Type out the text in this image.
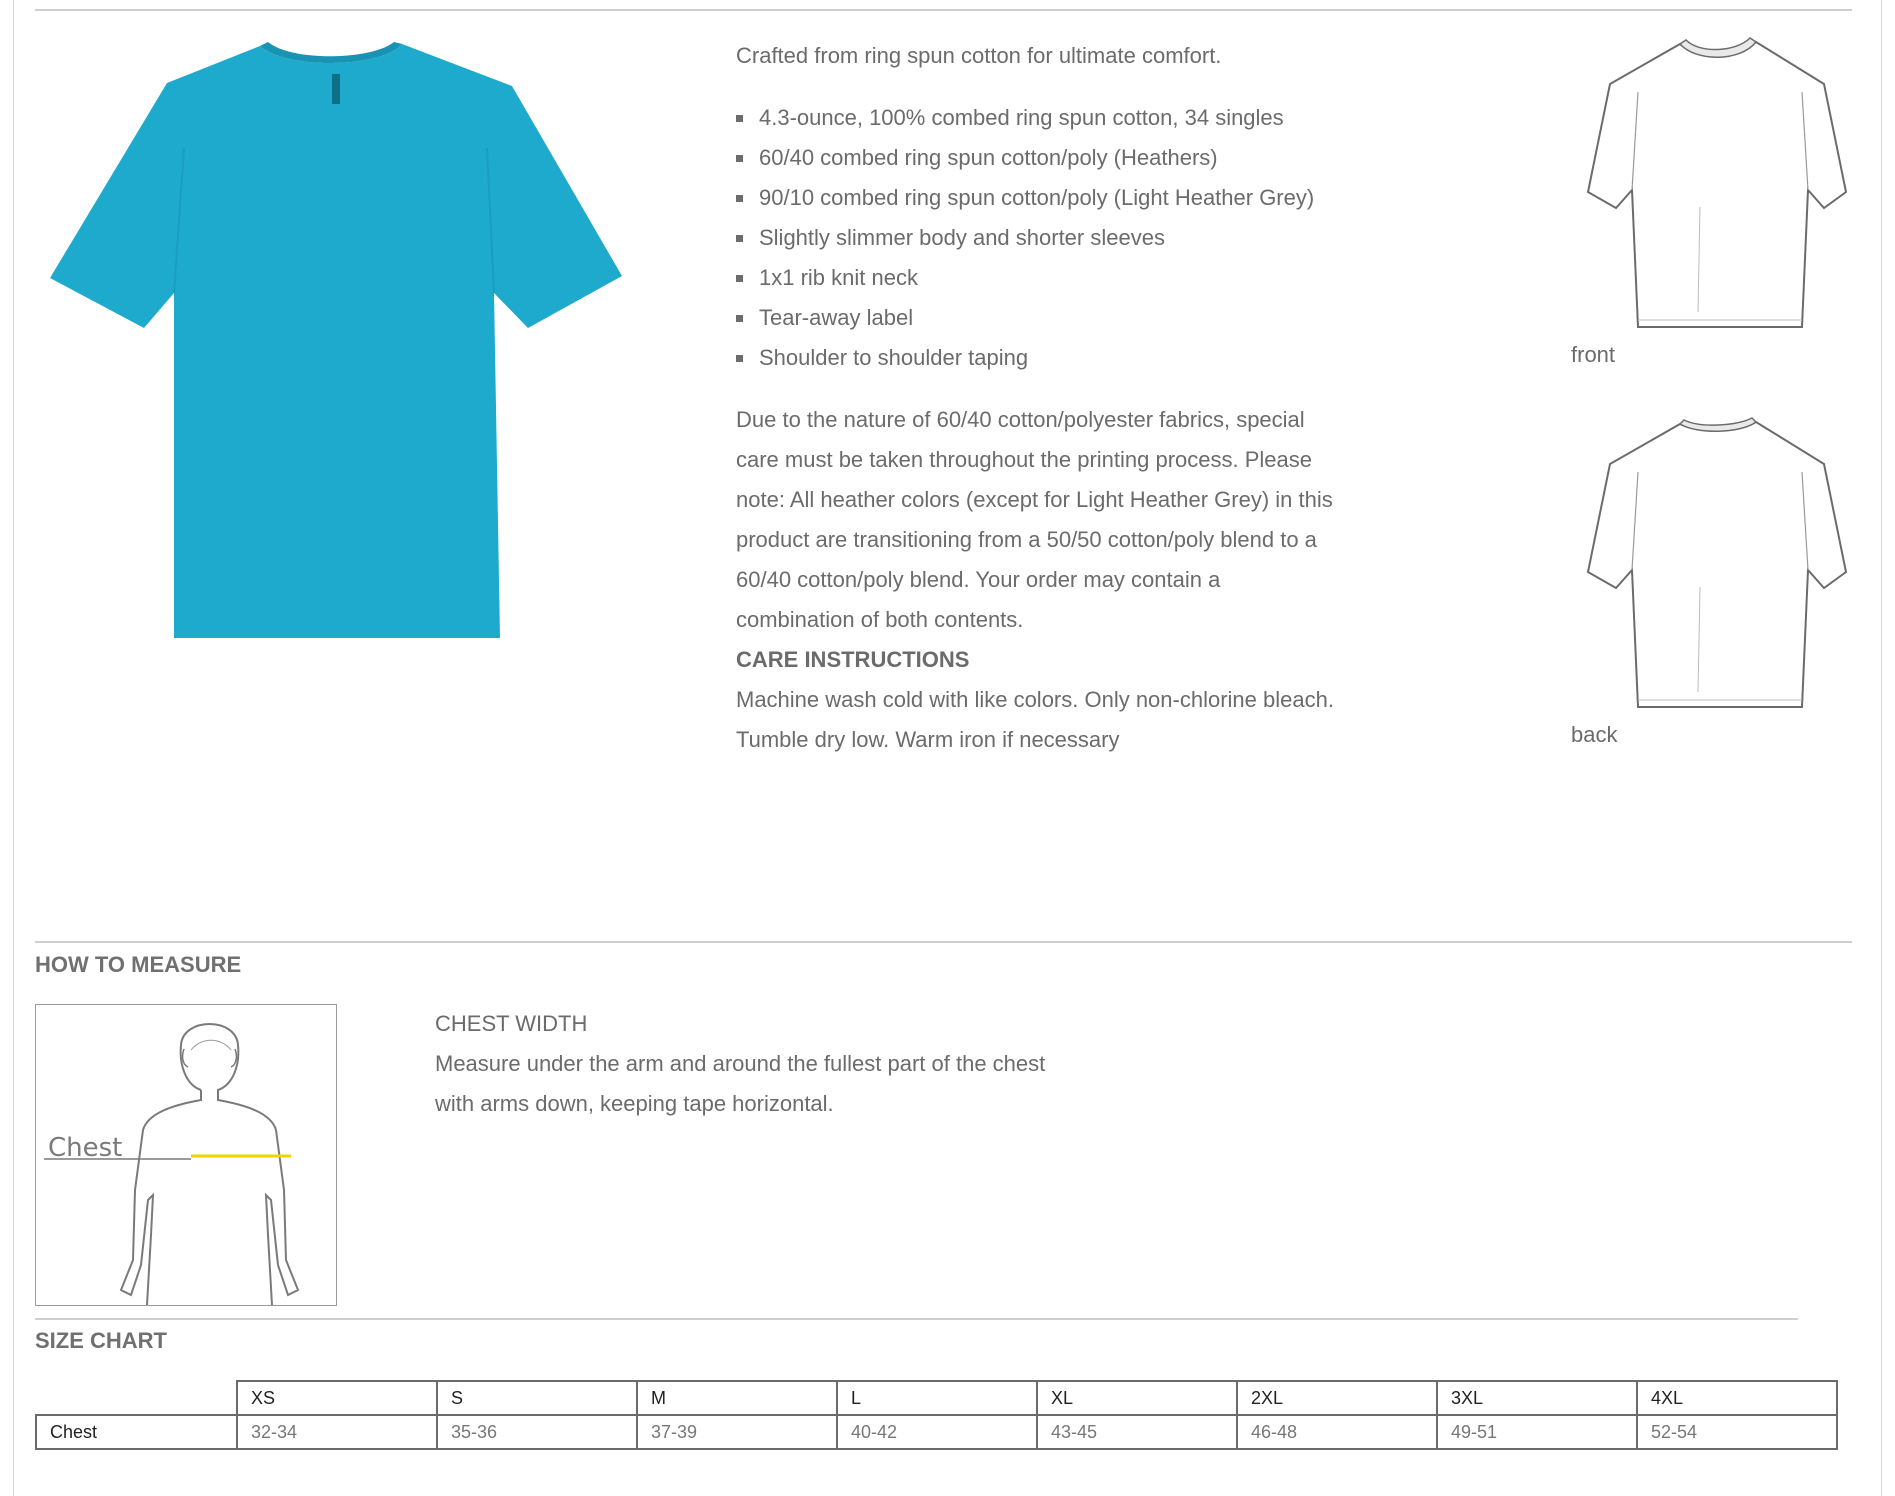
front
back

Crafted from ring spun cotton for ultimate comfort.

4.3-ounce, 100% combed ring spun cotton, 34 singles
60/40 combed ring spun cotton/poly (Heathers)
90/10 combed ring spun cotton/poly (Light Heather Grey)
Slightly slimmer body and shorter sleeves
1x1 rib knit neck
Tear-away label
Shoulder to shoulder taping
Due to the nature of 60/40 cotton/polyester fabrics, special
care must be taken throughout the printing process. Please
note: All heather colors (except for Light Heather Grey) in this
product are transitioning from a 50/50 cotton/poly blend to a
60/40 cotton/poly blend. Your order may contain a
combination of both contents.
CARE INSTRUCTIONS
Machine wash cold with like colors. Only non-chlorine bleach.
Tumble dry low. Warm iron if necessary
HOW TO MEASURE
Chest
CHEST WIDTH
Measure under the arm and around the fullest part of the chest
with arms down, keeping tape horizontal.
SIZE CHART
	XS	S	M	L	XL	2XL	3XL	4XL
Chest	32-34	35-36	37-39	40-42	43-45	46-48	49-51	52-54
